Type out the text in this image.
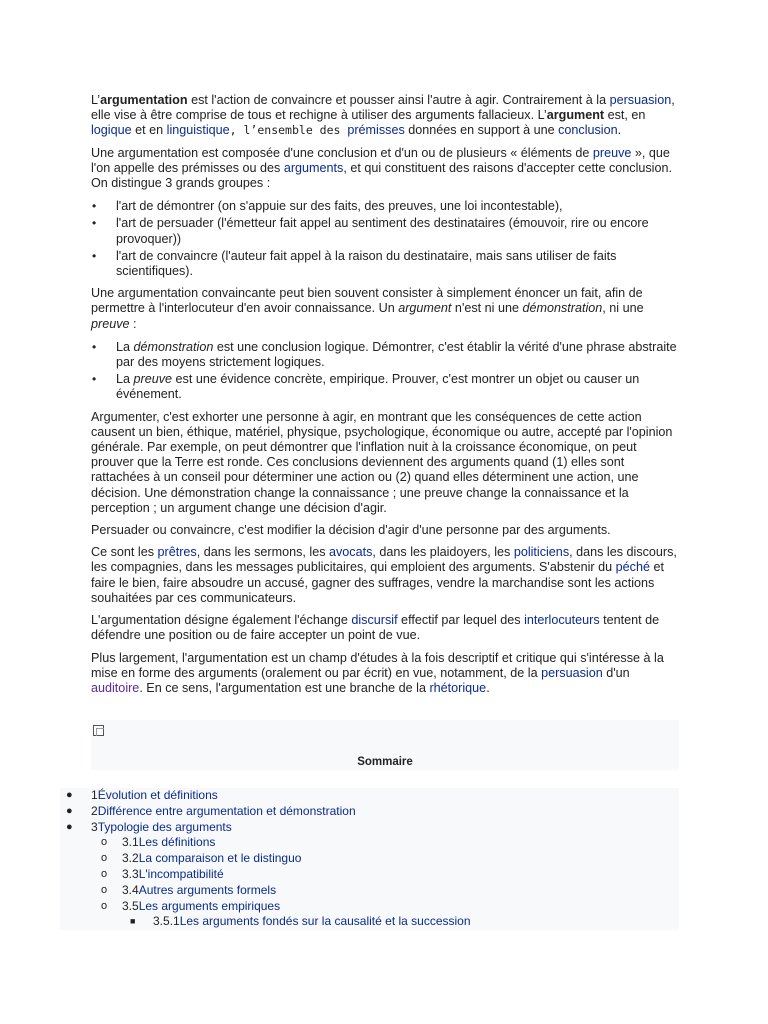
L’argumentation est l'action de convaincre et pousser ainsi l'autre à agir. Contrairement à la persuasion, elle vise à être comprise de tous et rechigne à utiliser des arguments fallacieux. L’argument est, en logique et en linguistique, l’ensemble des prémisses données en support à une conclusion.

Une argumentation est composée d'une conclusion et d'un ou de plusieurs « éléments de preuve », que l'on appelle des prémisses ou des arguments, et qui constituent des raisons d'accepter cette conclusion. On distingue 3 grands groupes :

• l'art de démontrer (on s'appuie sur des faits, des preuves, une loi incontestable),
• l'art de persuader (l'émetteur fait appel au sentiment des destinataires (émouvoir, rire ou encore provoquer))
• l'art de convaincre (l'auteur fait appel à la raison du destinataire, mais sans utiliser de faits scientifiques).

Une argumentation convaincante peut bien souvent consister à simplement énoncer un fait, afin de permettre à l'interlocuteur d'en avoir connaissance. Un argument n'est ni une démonstration, ni une preuve :

• La démonstration est une conclusion logique. Démontrer, c'est établir la vérité d'une phrase abstraite par des moyens strictement logiques.
• La preuve est une évidence concrète, empirique. Prouver, c'est montrer un objet ou causer un événement.

Argumenter, c'est exhorter une personne à agir, en montrant que les conséquences de cette action causent un bien, éthique, matériel, physique, psychologique, économique ou autre, accepté par l'opinion générale. Par exemple, on peut démontrer que l'inflation nuit à la croissance économique, on peut prouver que la Terre est ronde. Ces conclusions deviennent des arguments quand (1) elles sont rattachées à un conseil pour déterminer une action ou (2) quand elles déterminent une action, une décision. Une démonstration change la connaissance ; une preuve change la connaissance et la perception ; un argument change une décision d'agir.

Persuader ou convaincre, c'est modifier la décision d'agir d'une personne par des arguments.

Ce sont les prêtres, dans les sermons, les avocats, dans les plaidoyers, les politiciens, dans les discours, les compagnies, dans les messages publicitaires, qui emploient des arguments. S'abstenir du péché et faire le bien, faire absoudre un accusé, gagner des suffrages, vendre la marchandise sont les actions souhaitées par ces communicateurs.

L'argumentation désigne également l'échange discursif effectif par lequel des interlocuteurs tentent de défendre une position ou de faire accepter un point de vue.

Plus largement, l'argumentation est un champ d'études à la fois descriptif et critique qui s'intéresse à la mise en forme des arguments (oralement ou par écrit) en vue, notamment, de la persuasion d'un auditoire. En ce sens, l'argumentation est une branche de la rhétorique.

Sommaire
● 1Évolution et définitions
● 2Différence entre argumentation et démonstration
● 3Typologie des arguments
o 3.1Les définitions
o 3.2La comparaison et le distinguo
o 3.3L'incompatibilité
o 3.4Autres arguments formels
o 3.5Les arguments empiriques
■ 3.5.1Les arguments fondés sur la causalité et la succession
